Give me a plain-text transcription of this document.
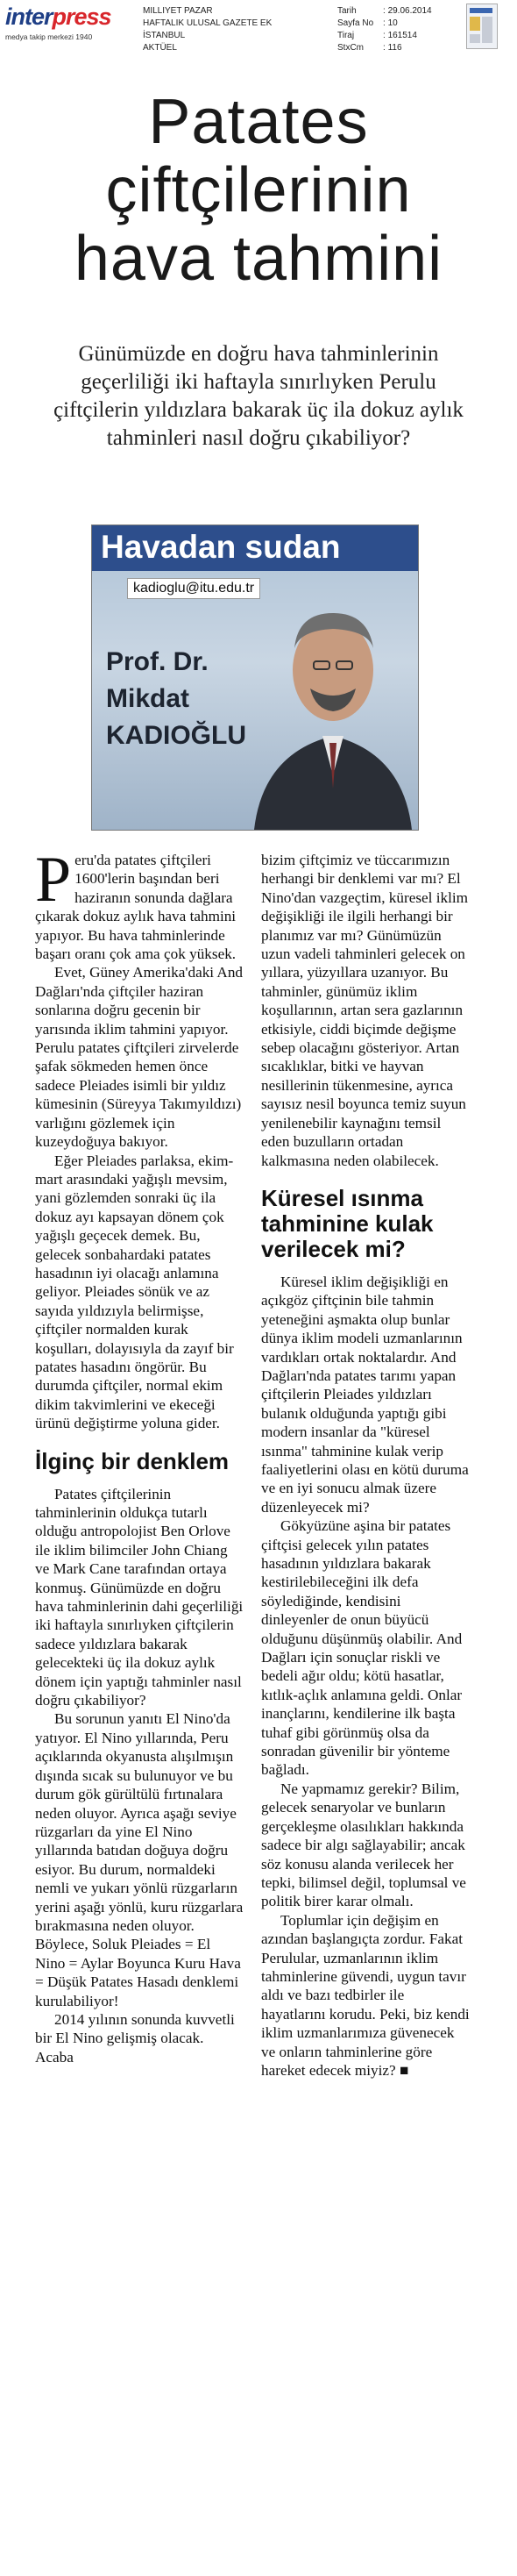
interpress
medya takip merkezi 1940
MILLIYET PAZAR
HAFTALIK ULUSAL GAZETE EK
İSTANBUL
AKTÜEL
Tarih	: 29.06.2014
Sayfa No	: 10
Tiraj	: 161514
StxCm	: 116
Patates
çiftçilerinin
hava tahmini
Günümüzde en doğru hava tahminlerinin geçerliliği iki haftayla sınırlıyken Perulu çiftçilerin yıldızlara bakarak üç ila dokuz aylık tahminleri nasıl doğru çıkabiliyor?
Havadan sudan
kadioglu@itu.edu.tr
Prof. Dr.
Mikdat
KADIOĞLU

Peru'da patates çiftçileri 1600'lerin başından beri haziranın sonunda dağlara çıkarak dokuz aylık hava tahmini yapıyor. Bu hava tahminlerinde başarı oranı çok ama çok yüksek.

Evet, Güney Amerika'daki And Dağları'nda çiftçiler haziran sonlarına doğru gecenin bir yarısında iklim tahmini yapıyor. Perulu patates çiftçileri zirvelerde şafak sökmeden hemen önce sadece Pleiades isimli bir yıldız kümesinin (Süreyya Takımyıldızı) varlığını gözlemek için kuzeydoğuya bakıyor.

Eğer Pleiades parlaksa, ekim-mart arasındaki yağışlı mevsim, yani gözlemden sonraki üç ila dokuz ayı kapsayan dönem çok yağışlı geçecek demek. Bu, gelecek sonbahardaki patates hasadının iyi olacağı anlamına geliyor. Pleiades sönük ve az sayıda yıldızıyla belirmişse, çiftçiler normalden kurak koşulları, dolayısıyla da zayıf bir patates hasadını öngörür. Bu durumda çiftçiler, normal ekim dikim takvimlerini ve ekeceği ürünü değiştirme yoluna gider.

İlginç bir denklem

Patates çiftçilerinin tahminlerinin oldukça tutarlı olduğu antropolojist Ben Orlove ile iklim bilimciler John Chiang ve Mark Cane tarafından ortaya konmuş. Günümüzde en doğru hava tahminlerinin dahi geçerliliği iki haftayla sınırlıyken çiftçilerin sadece yıldızlara bakarak gelecekteki üç ila dokuz aylık dönem için yaptığı tahminler nasıl doğru çıkabiliyor?

Bu sorunun yanıtı El Nino'da yatıyor. El Nino yıllarında, Peru açıklarında okyanusta alışılmışın dışında sıcak su bulunuyor ve bu durum gök gürültülü fırtınalara neden oluyor. Ayrıca aşağı seviye rüzgarları da yine El Nino yıllarında batıdan doğuya doğru esiyor. Bu durum, normaldeki nemli ve yukarı yönlü rüzgarların yerini aşağı yönlü, kuru rüzgarlara bırakmasına neden oluyor. Böylece, Soluk Pleiades = El Nino = Aylar Boyunca Kuru Hava = Düşük Patates Hasadı denklemi kurulabiliyor!

2014 yılının sonunda kuvvetli bir El Nino gelişmiş olacak. Acaba

bizim çiftçimiz ve tüccarımızın herhangi bir denklemi var mı? El Nino'dan vazgeçtim, küresel iklim değişikliği ile ilgili herhangi bir planımız var mı? Günümüzün uzun vadeli tahminleri gelecek on yıllara, yüzyıllara uzanıyor. Bu tahminler, günümüz iklim koşullarının, artan sera gazlarının etkisiyle, ciddi biçimde değişme sebep olacağını gösteriyor. Artan sıcaklıklar, bitki ve hayvan nesillerinin tükenmesine, ayrıca sayısız nesil boyunca temiz suyun yenilenebilir kaynağını temsil eden buzulların ortadan kalkmasına neden olabilecek.

Küresel ısınma tahminine kulak verilecek mi?

Küresel iklim değişikliği en açıkgöz çiftçinin bile tahmin yeteneğini aşmakta olup bunlar dünya iklim modeli uzmanlarının vardıkları ortak noktalardır. And Dağları'nda patates tarımı yapan çiftçilerin Pleiades yıldızları bulanık olduğunda yaptığı gibi modern insanlar da "küresel ısınma" tahminine kulak verip faaliyetlerini olası en kötü duruma ve en iyi sonucu almak üzere düzenleyecek mi?

Gökyüzüne aşina bir patates çiftçisi gelecek yılın patates hasadının yıldızlara bakarak kestirilebileceğini ilk defa söylediğinde, kendisini dinleyenler de onun büyücü olduğunu düşünmüş olabilir. And Dağları için sonuçlar riskli ve bedeli ağır oldu; kötü hasatlar, kıtlık-açlık anlamına geldi. Onlar inançlarını, kendilerine ilk başta tuhaf gibi görünmüş olsa da sonradan güvenilir bir yönteme bağladı.

Ne yapmamız gerekir? Bilim, gelecek senaryolar ve bunların gerçekleşme olasılıkları hakkında sadece bir algı sağlayabilir; ancak söz konusu alanda verilecek her tepki, bilimsel değil, toplumsal ve politik birer karar olmalı.

Toplumlar için değişim en azından başlangıçta zordur. Fakat Perulular, uzmanlarının iklim tahminlerine güvendi, uygun tavır aldı ve bazı tedbirler ile hayatlarını korudu. Peki, biz kendi iklim uzmanlarımıza güvenecek ve onların tahminlerine göre hareket edecek miyiz? ■
